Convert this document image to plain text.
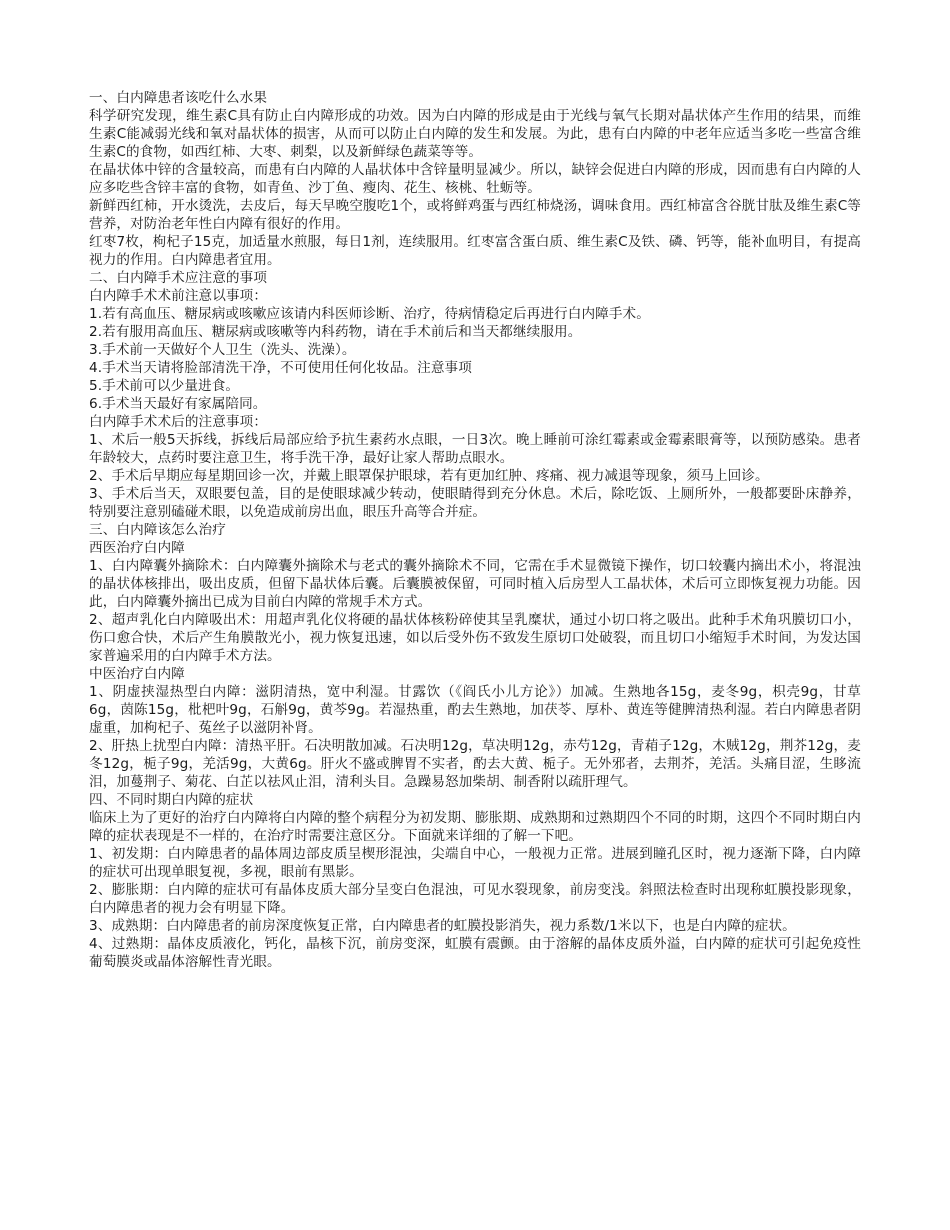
一、白内障患者该吃什么水果

科学研究发现，维生素C具有防止白内障形成的功效。因为白内障的形成是由于光线与氧气长期对晶状体产生作用的结果，而维生素C能减弱光线和氧对晶状体的损害，从而可以防止白内障的发生和发展。为此，患有白内障的中老年应适当多吃一些富含维生素C的食物，如西红柿、大枣、刺梨，以及新鲜绿色蔬菜等等。

在晶状体中锌的含量较高，而患有白内障的人晶状体中含锌量明显减少。所以，缺锌会促进白内障的形成，因而患有白内障的人应多吃些含锌丰富的食物，如青鱼、沙丁鱼、瘦肉、花生、核桃、牡蛎等。

新鲜西红柿，开水烫洗，去皮后，每天早晚空腹吃1个，或将鲜鸡蛋与西红柿烧汤，调味食用。西红柿富含谷胱甘肽及维生素C等营养，对防治老年性白内障有很好的作用。

红枣7枚，枸杞子15克，加适量水煎服，每日1剂，连续服用。红枣富含蛋白质、维生素C及铁、磷、钙等，能补血明目，有提高视力的作用。白内障患者宜用。

二、白内障手术应注意的事项

白内障手术术前注意以事项：

1.若有高血压、糖尿病或咳嗽应该请内科医师诊断、治疗，待病情稳定后再进行白内障手术。

2.若有服用高血压、糖尿病或咳嗽等内科药物，请在手术前后和当天都继续服用。

3.手术前一天做好个人卫生（洗头、洗澡）。

4.手术当天请将脸部清洗干净，不可使用任何化妆品。注意事项

5.手术前可以少量进食。

6.手术当天最好有家属陪同。

白内障手术术后的注意事项：

1、术后一般5天拆线，拆线后局部应给予抗生素药水点眼，一日3次。晚上睡前可涂红霉素或金霉素眼膏等，以预防感染。患者年龄较大，点药时要注意卫生，将手洗干净，最好让家人帮助点眼水。

2、手术后早期应每星期回诊一次，并戴上眼罩保护眼球，若有更加红肿、疼痛、视力减退等现象，须马上回诊。

3、手术后当天，双眼要包盖，目的是使眼球减少转动，使眼睛得到充分休息。术后，除吃饭、上厕所外，一般都要卧床静养，特别要注意别磕碰术眼，以免造成前房出血，眼压升高等合并症。

三、白内障该怎么治疗

西医治疗白内障

1、白内障囊外摘除术：白内障囊外摘除术与老式的囊外摘除术不同，它需在手术显微镜下操作，切口较囊内摘出术小，将混浊的晶状体核排出，吸出皮质，但留下晶状体后囊。后囊膜被保留，可同时植入后房型人工晶状体，术后可立即恢复视力功能。因此，白内障囊外摘出已成为目前白内障的常规手术方式。

2、超声乳化白内障吸出术：用超声乳化仪将硬的晶状体核粉碎使其呈乳糜状，通过小切口将之吸出。此种手术角巩膜切口小，伤口愈合快，术后产生角膜散光小，视力恢复迅速，如以后受外伤不致发生原切口处破裂，而且切口小缩短手术时间，为发达国家普遍采用的白内障手术方法。

中医治疗白内障

1、阴虚挟湿热型白内障：滋阴清热，宽中利湿。甘露饮（《阎氏小儿方论》）加减。生熟地各15g，麦冬9g，枳壳9g，甘草6g，茵陈15g，枇杷叶9g，石斛9g，黄芩9g。若湿热重，酌去生熟地，加茯苓、厚朴、黄连等健脾清热利湿。若白内障患者阴虚重，加枸杞子、菟丝子以滋阴补肾。

2、肝热上扰型白内障：清热平肝。石决明散加减。石决明12g，草决明12g，赤芍12g，青葙子12g，木贼12g，荆芥12g，麦冬12g，栀子9g，羌活9g，大黄6g。肝火不盛或脾胃不实者，酌去大黄、栀子。无外邪者，去荆芥，羌活。头痛目涩，生眵流泪，加蔓荆子、菊花、白芷以祛风止泪，清利头目。急躁易怒加柴胡、制香附以疏肝理气。

四、不同时期白内障的症状

临床上为了更好的治疗白内障将白内障的整个病程分为初发期、膨胀期、成熟期和过熟期四个不同的时期，这四个不同时期白内障的症状表现是不一样的，在治疗时需要注意区分。下面就来详细的了解一下吧。

1、初发期：白内障患者的晶体周边部皮质呈楔形混浊，尖端自中心，一般视力正常。进展到瞳孔区时，视力逐渐下降，白内障的症状可出现单眼复视，多视，眼前有黑影。

2、膨胀期：白内障的症状可有晶体皮质大部分呈变白色混浊，可见水裂现象，前房变浅。斜照法检查时出现称虹膜投影现象，白内障患者的视力会有明显下降。

3、成熟期：白内障患者的前房深度恢复正常，白内障患者的虹膜投影消失，视力系数/1米以下，也是白内障的症状。

4、过熟期：晶体皮质液化，钙化，晶核下沉，前房变深，虹膜有震颤。由于溶解的晶体皮质外溢，白内障的症状可引起免疫性葡萄膜炎或晶体溶解性青光眼。
